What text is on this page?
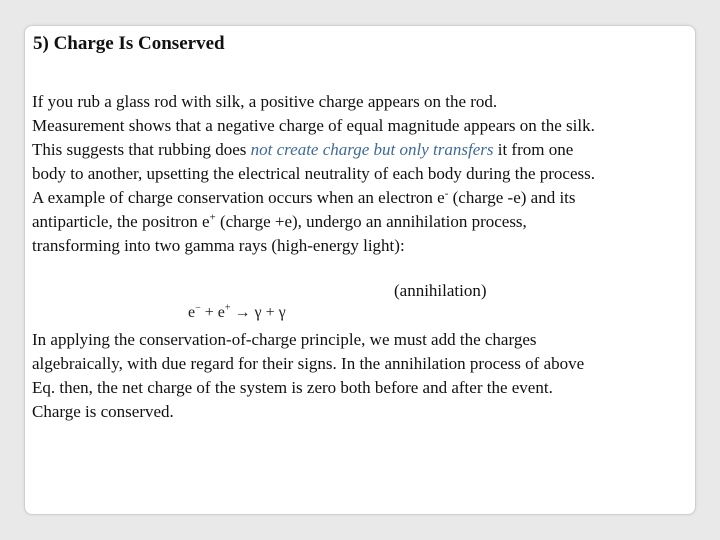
5) Charge Is Conserved
If you rub a glass rod with silk, a positive charge appears on the rod.
Measurement shows that a negative charge of equal magnitude appears on the silk.
This suggests that rubbing does not create charge but only transfers it from one
body to another, upsetting the electrical neutrality of each body during the process.
A example of charge conservation occurs when an electron e- (charge -e) and its
antiparticle, the positron e+ (charge +e), undergo an annihilation process,
transforming into two gamma rays (high-energy light):
(annihilation)
e− + e+ → γ + γ
In applying the conservation-of-charge principle, we must add the charges
algebraically, with due regard for their signs. In the annihilation process of above
Eq. then, the net charge of the system is zero both before and after the event.
Charge is conserved.
